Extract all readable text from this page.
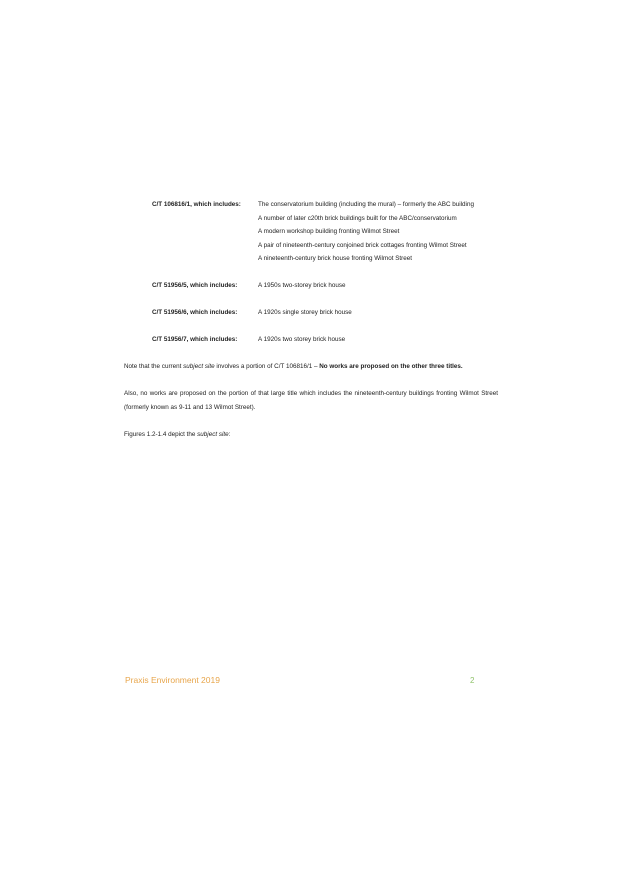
C/T 106816/1, which includes:	The conservatorium building (including the mural) – formerly the ABC building
A number of later c20th brick buildings built for the ABC/conservatorium
A modern workshop building fronting Wilmot Street
A pair of nineteenth-century conjoined brick cottages fronting Wilmot Street
A nineteenth-century brick house fronting Wilmot Street
C/T 51956/5, which includes:	A 1950s two-storey brick house
C/T 51956/6, which includes:	A 1920s single storey brick house
C/T 51956/7, which includes:	A 1920s two storey brick house
Note that the current subject site involves a portion of C/T 106816/1 – No works are proposed on the other three titles.
Also, no works are proposed on the portion of that large title which includes the nineteenth-century buildings fronting Wilmot Street (formerly known as 9-11 and 13 Wilmot Street).
Figures 1.2-1.4 depict the subject site:
Praxis Environment 2019	2
